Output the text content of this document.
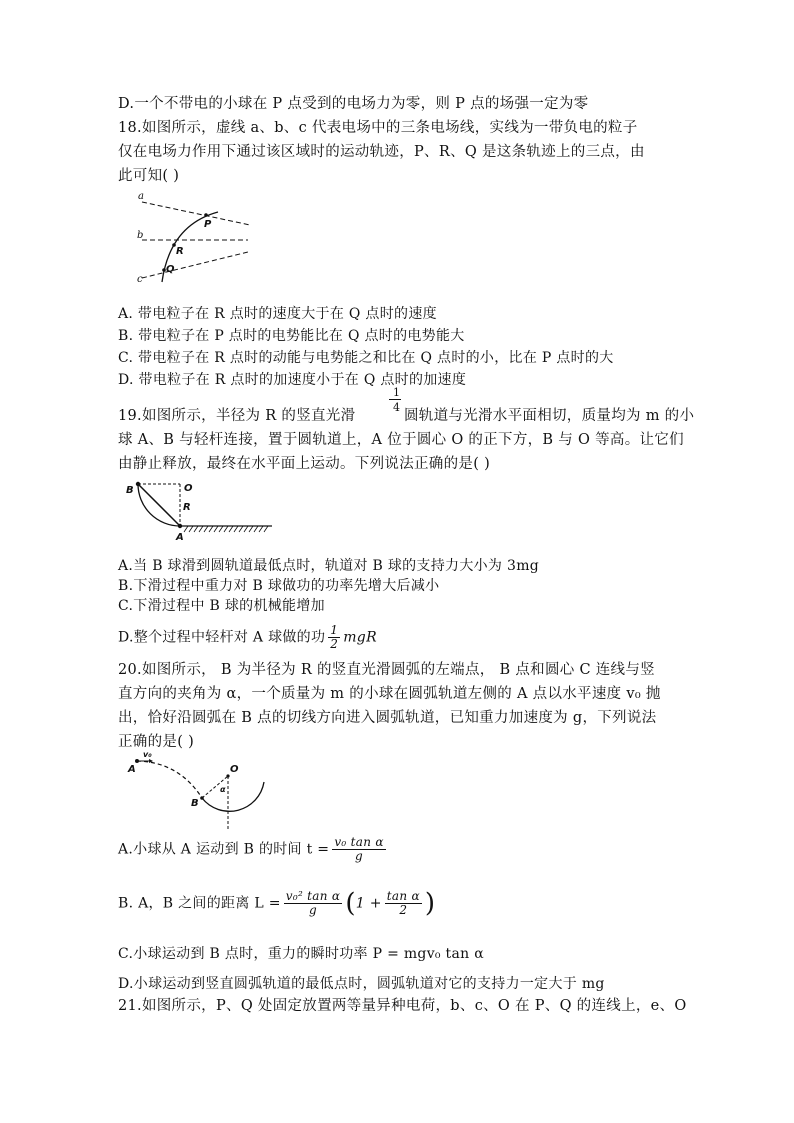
D.一个不带电的小球在 P 点受到的电场力为零，则 P 点的场强一定为零
18.如图所示，虚线 a、b、c 代表电场中的三条电场线，实线为一带负电的粒子
仅在电场力作用下通过该区域时的运动轨迹，P、R、Q 是这条轨迹上的三点，由
此可知( )
a
b
c
P
R
Q
A. 带电粒子在 R 点时的速度大于在 Q 点时的速度
B. 带电粒子在 P 点时的电势能比在 Q 点时的电势能大
C. 带电粒子在 R 点时的动能与电势能之和比在 Q 点时的小，比在 P 点时的大
D. 带电粒子在 R 点时的加速度小于在 Q 点时的加速度
1
4
19.如图所示，半径为 R 的竖直光滑	圆轨道与光滑水平面相切，质量均为 m 的小
球 A、B 与轻杆连接，置于圆轨道上，A 位于圆心 O 的正下方，B 与 O 等高。让它们
由静止释放，最终在水平面上运动。下列说法正确的是( )
B	O
R
A
A.当 B 球滑到圆轨道最低点时，轨道对 B 球的支持力大小为 3mg
B.下滑过程中重力对 B 球做功的功率先增大后减小
C.下滑过程中 B 球的机械能增加
D.整个过程中轻杆对 A 球做的功 $\frac{1}{2}$ mgR
20.如图所示， B 为半径为 R 的竖直光滑圆弧的左端点， B 点和圆心 C 连线与竖
直方向的夹角为 α，一个质量为 m 的小球在圆弧轨道左侧的 A 点以水平速度 v₀ 抛
出，恰好沿圆弧在 B 点的切线方向进入圆弧轨道，已知重力加速度为 g，下列说法
正确的是( )
A
v₀
O
α
B
A.小球从 A 运动到 B 的时间 $t = \frac{\text{v₀ tan α}}{g}$
B. A，B 之间的距离 $L = \frac{\text{v₀² tan α}}{g} (1 + \frac{\text{tan α}}{2}$ )
C.小球运动到 B 点时，重力的瞬时功率 P = mgv₀ tan α
D.小球运动到竖直圆弧轨道的最低点时，圆弧轨道对它的支持力一定大于 mg
21.如图所示，P、Q 处固定放置两等量异种电荷，b、c、O 在 P、Q 的连线上，e、O
